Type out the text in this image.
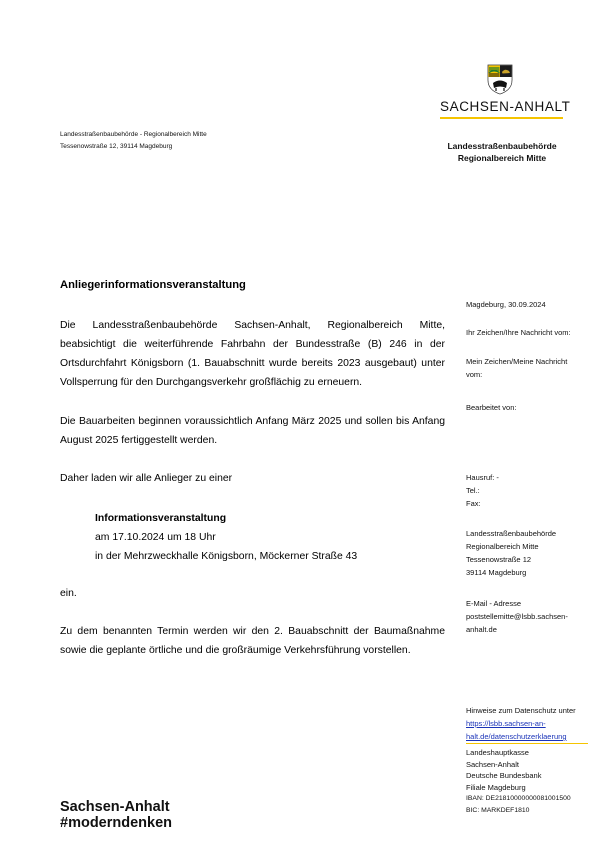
SACHSEN-ANHALT
Landesstraßenbaubehörde - Regionalbereich Mitte
Tessenowstraße 12, 39114 Magdeburg	Landesstraßenbaubehörde
Regionalbereich Mitte
Anliegerinformationsveranstaltung
Die Landesstraßenbaubehörde Sachsen-Anhalt, Regionalbereich Mitte, beabsichtigt die weiterführende Fahrbahn der Bundesstraße (B) 246 in der Ortsdurchfahrt Königsborn (1. Bauabschnitt wurde bereits 2023 ausgebaut) unter Vollsperrung für den Durchgangsverkehr großflächig zu erneuern.
Die Bauarbeiten beginnen voraussichtlich Anfang März 2025 und sollen bis Anfang August 2025 fertiggestellt werden.
Daher laden wir alle Anlieger zu einer
Informationsveranstaltung
am 17.10.2024 um 18 Uhr
in der Mehrzweckhalle Königsborn, Möckerner Straße 43
ein.
Zu dem benannten Termin werden wir den 2. Bauabschnitt der Baumaßnahme sowie die geplante örtliche und die großräumige Verkehrsführung vorstellen.
Magdeburg, 30.09.2024
Ihr Zeichen/Ihre Nachricht vom:
Mein Zeichen/Meine Nachricht
vom:
Bearbeitet von:
Hausruf: -
Tel.:
Fax:
Landesstraßenbaubehörde
Regionalbereich Mitte
Tessenowstraße 12
39114 Magdeburg
E-Mail - Adresse
poststellemitte@lsbb.sachsen-
anhalt.de
Hinweise zum Datenschutz unter
https://lsbb.sachsen-an-
halt.de/datenschutzerklaerung
Landeshauptkasse
Sachsen-Anhalt
Deutsche Bundesbank
Filiale Magdeburg
IBAN: DE21810000000081001500
BIC: MARKDEF1810
Sachsen-Anhalt
#moderndenken
